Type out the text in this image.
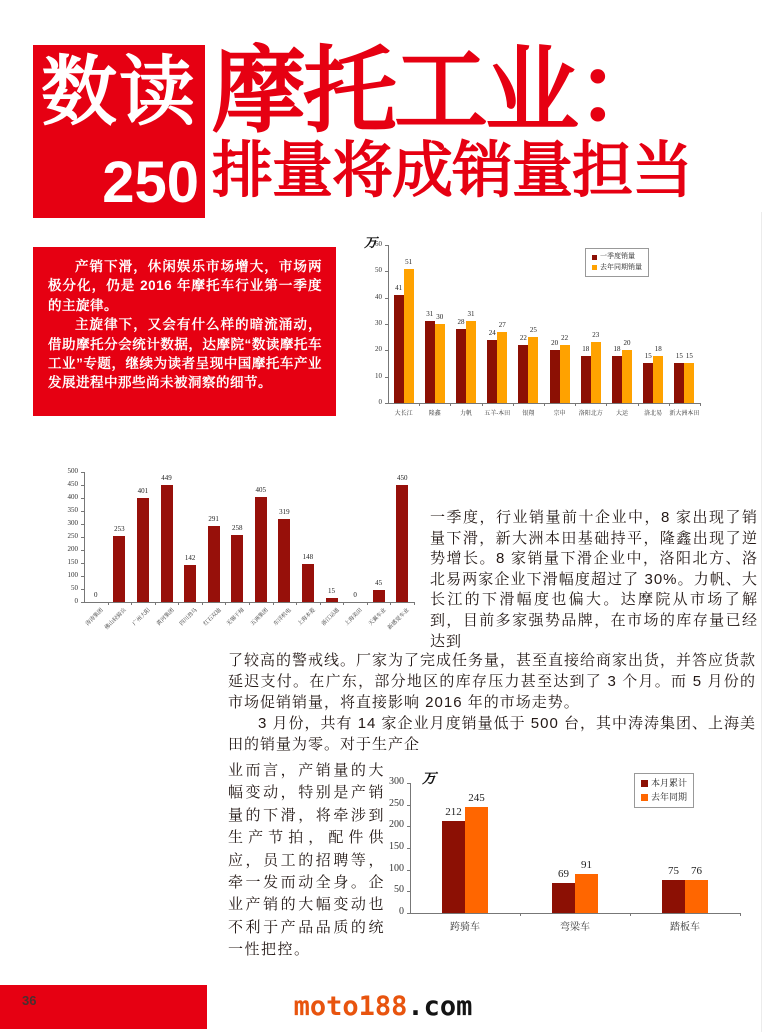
数读
250
摩托工业：
排量将成销量担当

产销下滑，休闲娱乐市场增大，市场两极分化，仍是 2016 年摩托车行业第一季度的主旋律。

主旋律下，又会有什么样的暗流涌动，借助摩托分会统计数据，达摩院“数读摩托车工业”专题，继续为读者呈现中国摩托车产业发展进程中那些尚未被洞察的细节。

万
0
10
20
30
40
50
60
41
51
大长江
31 30
隆鑫
28
31
力帆
24
27
五羊-本田
22
25
银翔
20
22
宗申
18
23
洛阳北方
18
20
大运
15
18
洛北易
15 15
新大洲本田
一季度销量
去年同期销量
0
50
100
150
200
250
300
350
400
450
500
0
涛涛集团
253
佛山轻骑兵
401
广州大阳
449
黄河集团
142
四川劲马
291
红石双迪
258
无锡干翔
405
五洲集团
319
东洋机电
148
上海本菱
15
浙江运通
0
上海美田
45
天翼车业
450
新感觉车业
一季度，行业销量前十企业中，8 家出现了销量下滑，新大洲本田基础持平，隆鑫出现了逆势增长。8 家销量下滑企业中，洛阳北方、洛北易两家企业下滑幅度超过了 30%。力帆、大长江的下滑幅度也偏大。达摩院从市场了解到，目前多家强势品牌，在市场的库存量已经达到

了较高的警戒线。厂家为了完成任务量，甚至直接给商家出货，并答应货款延迟支付。在广东，部分地区的库存压力甚至达到了 3 个月。而 5 月份的市场促销销量，将直接影响 2016 年的市场走势。

3 月份，共有 14 家企业月度销量低于 500 台，其中涛涛集团、上海美田的销量为零。对于生产企

业而言，产销量的大幅变动，特别是产销量的下滑，将牵涉到生产节拍，配件供应，员工的招聘等，牵一发而动全身。企业产销的大幅变动也不利于产品品质的统一性把控。
万
0
50
100
150
200
250
300
212
245
跨骑车
69
91
弯梁车
75	76
踏板车
本月累计
去年同期
36	moto188.com
